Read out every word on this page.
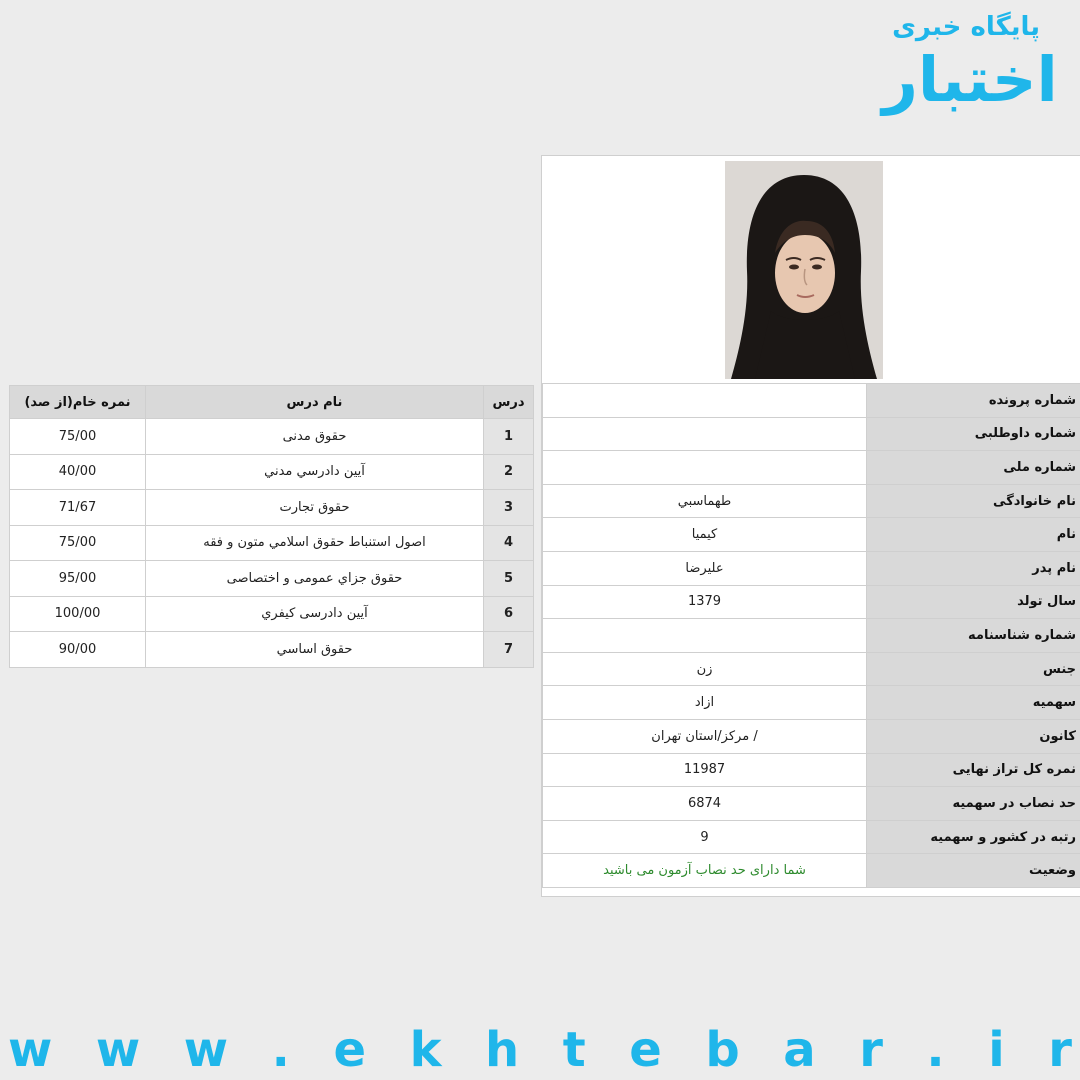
پایگاه خبری
اختبار
درس	نام درس	نمره خام(از صد)
1	حقوق مدنی	75/00
2	آيين دادرسي مدني	40/00
3	حقوق تجارت	71/67
4	اصول استنباط حقوق اسلامي متون و فقه	75/00
5	حقوق جزاي عمومی و اختصاصی	95/00
6	آیین دادرسی کیفري	100/00
7	حقوق اساسي	90/00
شماره پرونده	
شماره داوطلبی	
شماره ملی	
نام خانوادگی	طهماسبي
نام	کیمیا
نام پدر	علیرضا
سال تولد	1379
شماره شناسنامه	
جنس	زن
سهمیه	ازاد
کانون	/ مرکز/استان تهران
نمره کل تراز نهایی	11987
حد نصاب در سهمیه	6874
رتبه در کشور و سهمیه	9
وضعیت	شما دارای حد نصاب آزمون می باشید
w w w . e k h t e b a r . i r
